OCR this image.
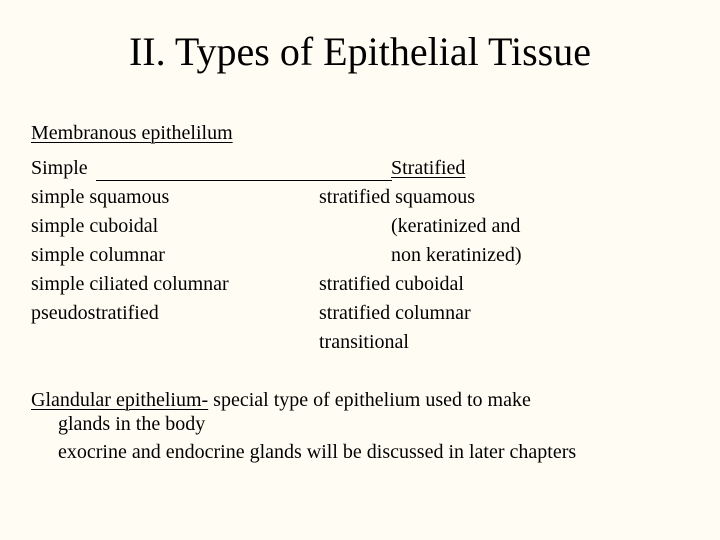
II. Types of Epithelial Tissue
Membranous epithelilum
Simple
simple squamous
simple cuboidal
simple columnar
simple ciliated columnar
pseudostratified
Stratified
stratified squamous
(keratinized and
non keratinized)
stratified cuboidal
stratified columnar
transitional
Glandular epithelium- special type of epithelium used to make
glands in the body
exocrine and endocrine glands will be discussed in later chapters
